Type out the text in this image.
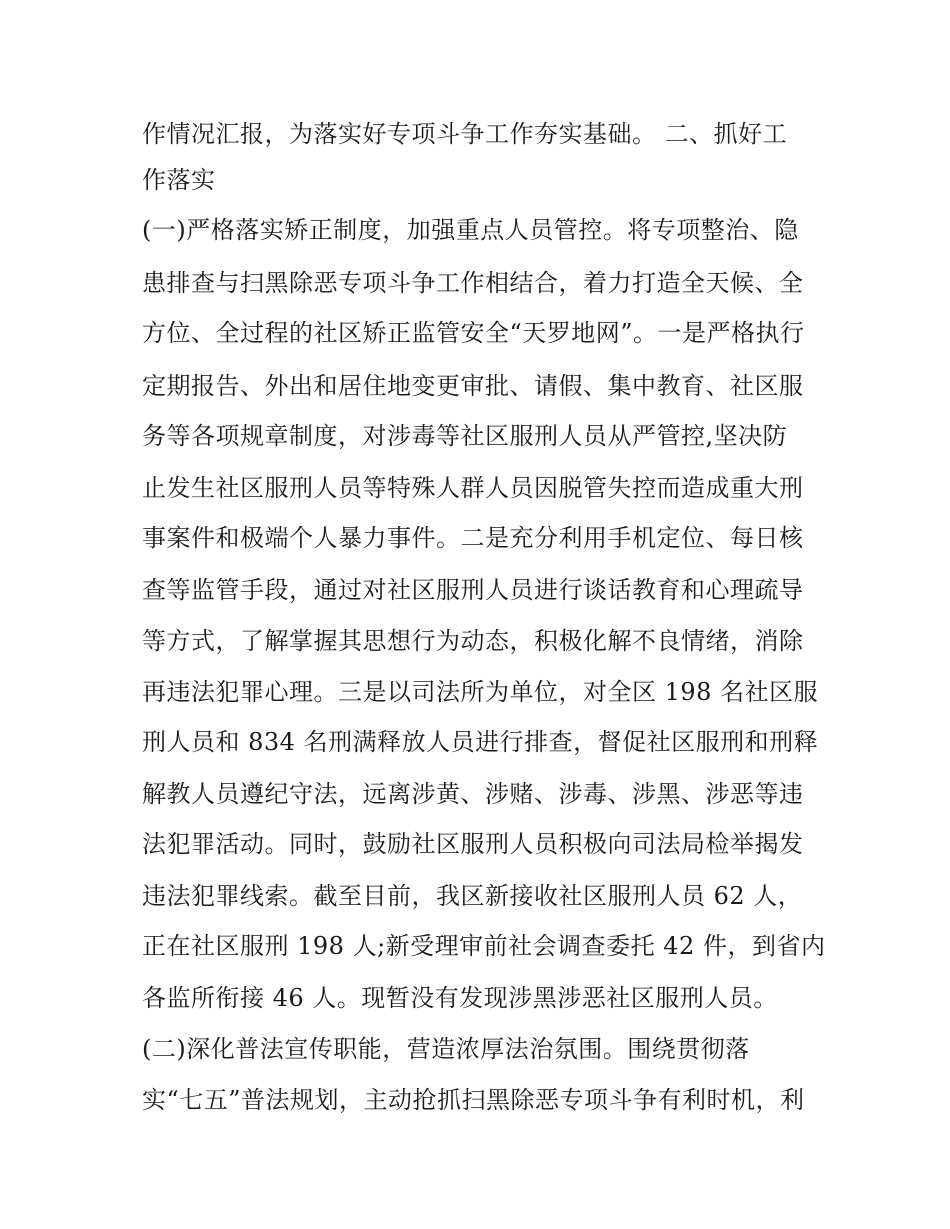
作情况汇报，为落实好专项斗争工作夯实基础。 二、抓好工
作落实
(一)严格落实矫正制度，加强重点人员管控。将专项整治、隐
患排查与扫黑除恶专项斗争工作相结合，着力打造全天候、全
方位、全过程的社区矫正监管安全“天罗地网”。一是严格执行
定期报告、外出和居住地变更审批、请假、集中教育、社区服
务等各项规章制度，对涉毒等社区服刑人员从严管控,坚决防
止发生社区服刑人员等特殊人群人员因脱管失控而造成重大刑
事案件和极端个人暴力事件。二是充分利用手机定位、每日核
查等监管手段，通过对社区服刑人员进行谈话教育和心理疏导
等方式，了解掌握其思想行为动态，积极化解不良情绪，消除
再违法犯罪心理。三是以司法所为单位，对全区 198 名社区服
刑人员和 834 名刑满释放人员进行排查，督促社区服刑和刑释
解教人员遵纪守法，远离涉黄、涉赌、涉毒、涉黑、涉恶等违
法犯罪活动。同时，鼓励社区服刑人员积极向司法局检举揭发
违法犯罪线索。截至目前，我区新接收社区服刑人员 62 人，
正在社区服刑 198 人;新受理审前社会调查委托 42 件，到省内
各监所衔接 46 人。现暂没有发现涉黑涉恶社区服刑人员。
(二)深化普法宣传职能，营造浓厚法治氛围。围绕贯彻落
实“七五”普法规划，主动抢抓扫黑除恶专项斗争有利时机，利
